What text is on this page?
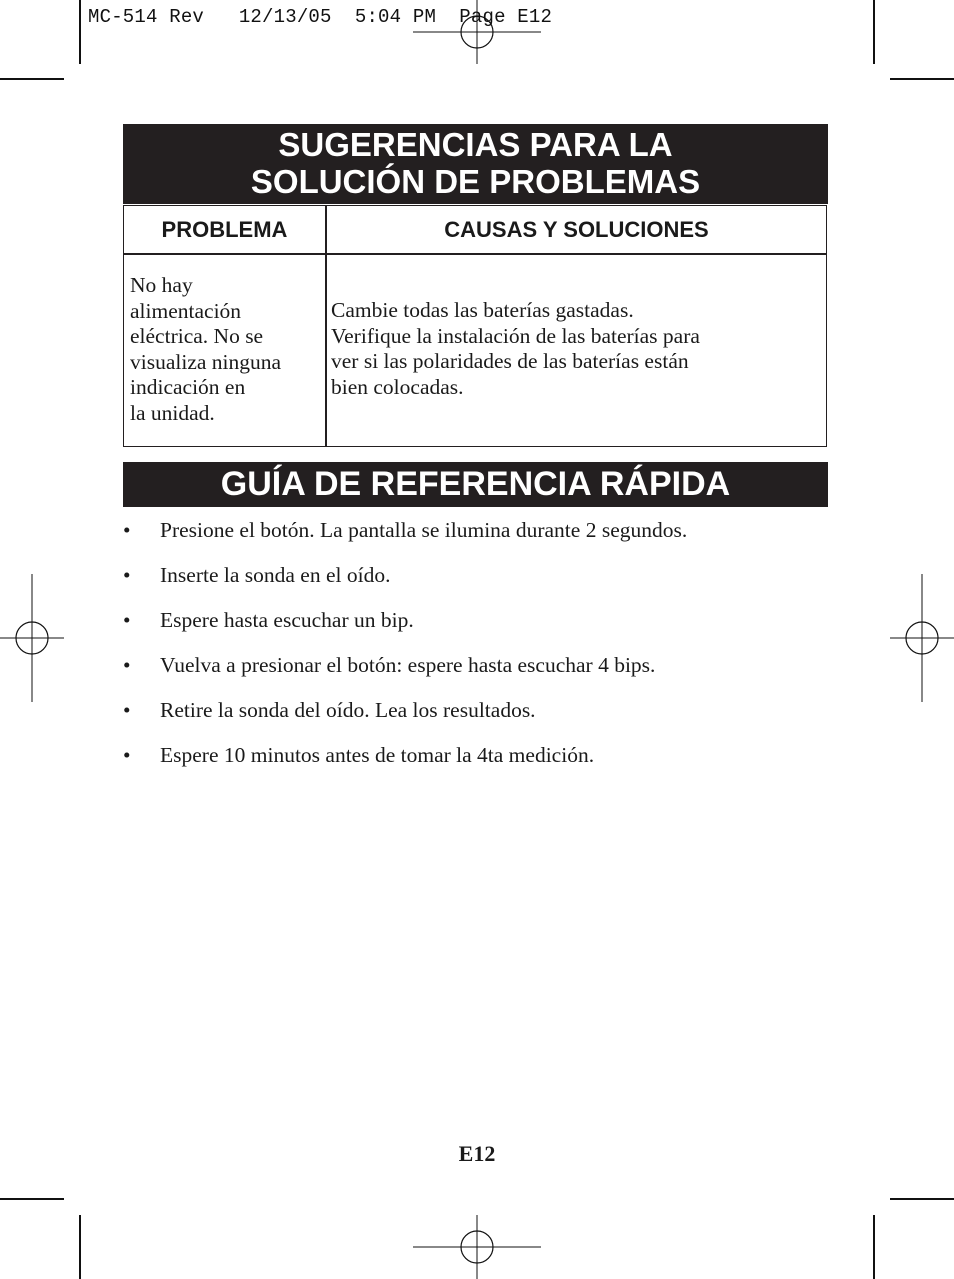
MC-514 Rev   12/13/05  5:04 PM  Page E12
SUGERENCIAS PARA LA
SOLUCIÓN DE PROBLEMAS
PROBLEMA	CAUSAS Y SOLUCIONES
No hay
alimentación
eléctrica. No se
visualiza ninguna
indicación en
la unidad.
Cambie todas las baterías gastadas.
Verifique la instalación de las baterías para
ver si las polaridades de las baterías están
bien colocadas.
GUÍA DE REFERENCIA RÁPIDA
• Presione el botón. La pantalla se ilumina durante 2 segundos.
• Inserte la sonda en el oído.
• Espere hasta escuchar un bip.
• Vuelva a presionar el botón: espere hasta escuchar 4 bips.
• Retire la sonda del oído. Lea los resultados.
• Espere 10 minutos antes de tomar la 4ta medición.
E12
